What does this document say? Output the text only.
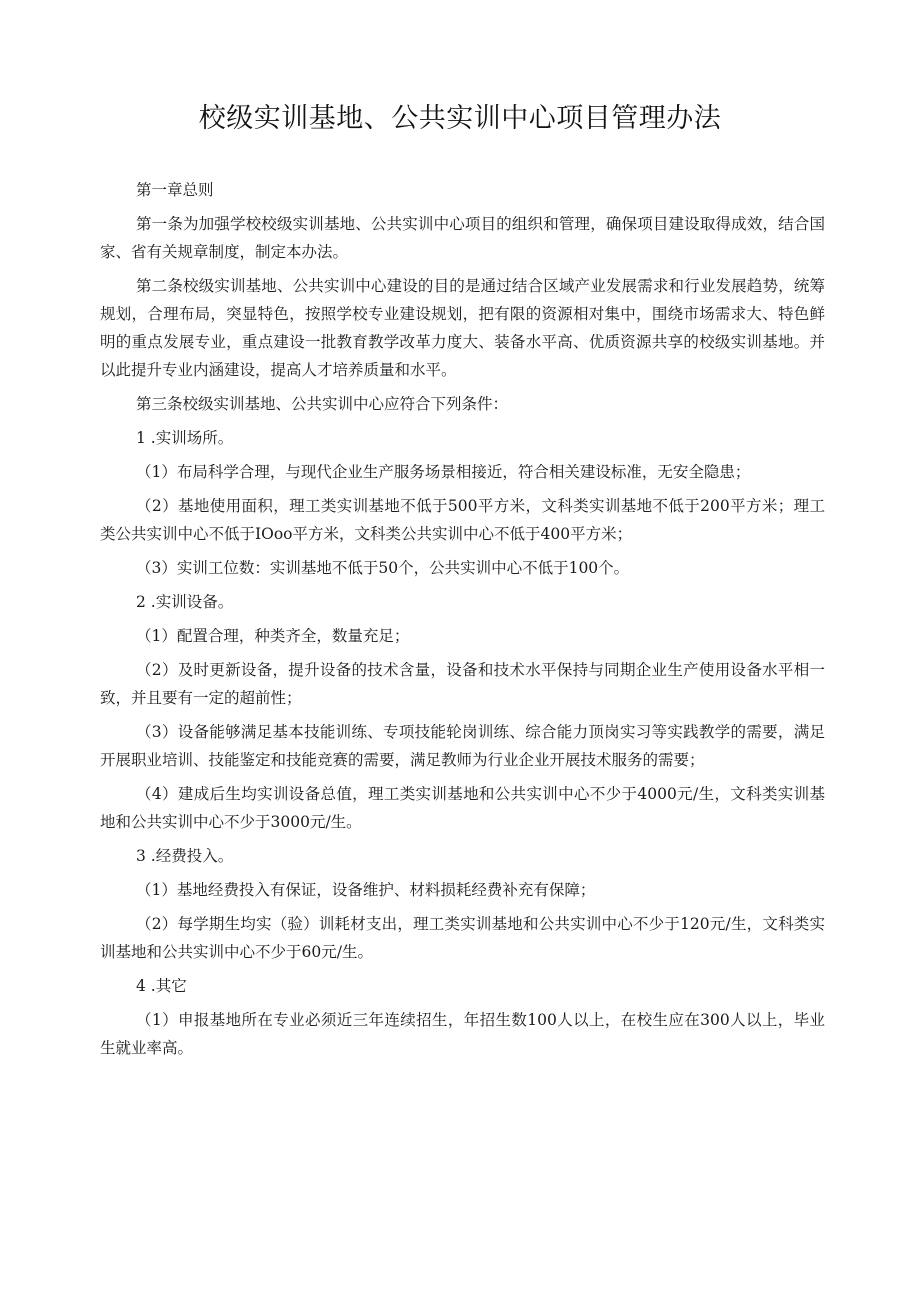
校级实训基地、公共实训中心项目管理办法

第一章总则

第一条为加强学校校级实训基地、公共实训中心项目的组织和管理，确保项目建设取得成效，结合国家、省有关规章制度，制定本办法。

第二条校级实训基地、公共实训中心建设的目的是通过结合区域产业发展需求和行业发展趋势，统筹规划，合理布局，突显特色，按照学校专业建设规划，把有限的资源相对集中，围绕市场需求大、特色鲜明的重点发展专业，重点建设一批教育教学改革力度大、装备水平高、优质资源共享的校级实训基地。并以此提升专业内涵建设，提高人才培养质量和水平。

第三条校级实训基地、公共实训中心应符合下列条件：

1 .实训场所。

（1）布局科学合理，与现代企业生产服务场景相接近，符合相关建设标准，无安全隐患；

（2）基地使用面积，理工类实训基地不低于500平方米，文科类实训基地不低于200平方米；理工类公共实训中心不低于IOoo平方米，文科类公共实训中心不低于400平方米；

（3）实训工位数：实训基地不低于50个，公共实训中心不低于100个。

2 .实训设备。

（1）配置合理，种类齐全，数量充足；

（2）及时更新设备，提升设备的技术含量，设备和技术水平保持与同期企业生产使用设备水平相一致，并且要有一定的超前性；

（3）设备能够满足基本技能训练、专项技能轮岗训练、综合能力顶岗实习等实践教学的需要，满足开展职业培训、技能鉴定和技能竞赛的需要，满足教师为行业企业开展技术服务的需要；

（4）建成后生均实训设备总值，理工类实训基地和公共实训中心不少于4000元/生，文科类实训基地和公共实训中心不少于3000元/生。

3 .经费投入。

（1）基地经费投入有保证，设备维护、材料损耗经费补充有保障；

（2）每学期生均实（验）训耗材支出，理工类实训基地和公共实训中心不少于120元/生，文科类实训基地和公共实训中心不少于60元/生。

4 .其它

（1）申报基地所在专业必须近三年连续招生，年招生数100人以上，在校生应在300人以上，毕业生就业率高。
